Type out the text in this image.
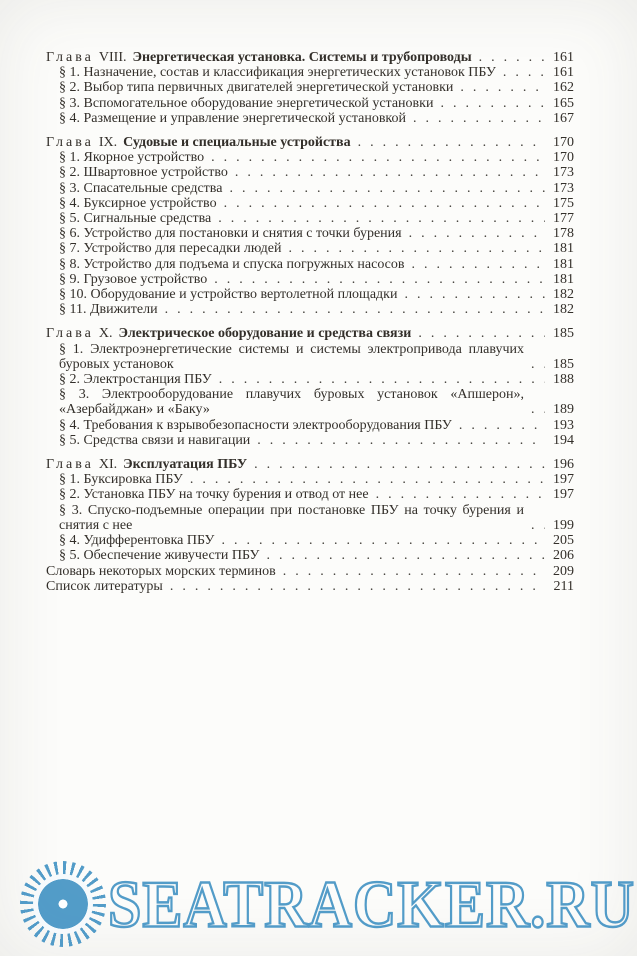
Глава VIII. Энергетическая установка. Системы и трубопроводы .....	161
§ 1. Назначение, состав и классификация энергетических установок ПБУ .....	161
§ 2. Выбор типа первичных двигателей энергетической установки .....	162
§ 3. Вспомогательное оборудование энергетической установки .....	165
§ 4. Размещение и управление энергетической установкой .....	167
Глава IX. Судовые и специальные устройства .....	170
§ 1. Якорное устройство .....	170
§ 2. Швартовное устройство .....	173
§ 3. Спасательные средства .....	173
§ 4. Буксирное устройство .....	175
§ 5. Сигнальные средства .....	177
§ 6. Устройство для постановки и снятия с точки бурения .....	178
§ 7. Устройство для пересадки людей .....	181
§ 8. Устройство для подъема и спуска погружных насосов .....	181
§ 9. Грузовое устройство .....	181
§ 10. Оборудование и устройство вертолетной площадки .....	182
§ 11. Движители .....	182
Глава X. Электрическое оборудование и средства связи .....	185
§ 1. Электроэнергетические системы и системы электропривода плавучих буровых установок .....	185
§ 2. Электростанция ПБУ .....	188
§ 3. Электрооборудование плавучих буровых установок «Апшерон», «Азербайджан» и «Баку» .....	189
§ 4. Требования к взрывобезопасности электрооборудования ПБУ .....	193
§ 5. Средства связи и навигации .....	194
Глава XI. Эксплуатация ПБУ .....	196
§ 1. Буксировка ПБУ .....	197
§ 2. Установка ПБУ на точку бурения и отвод от нее .....	197
§ 3. Спуско-подъемные операции при постановке ПБУ на точку бурения и снятия с нее .....	199
§ 4. Удифферентовка ПБУ .....	205
§ 5. Обеспечение живучести ПБУ .....	206
Словарь некоторых морских терминов .....	209
Список литературы .....	211
SEATRACKER.RU
